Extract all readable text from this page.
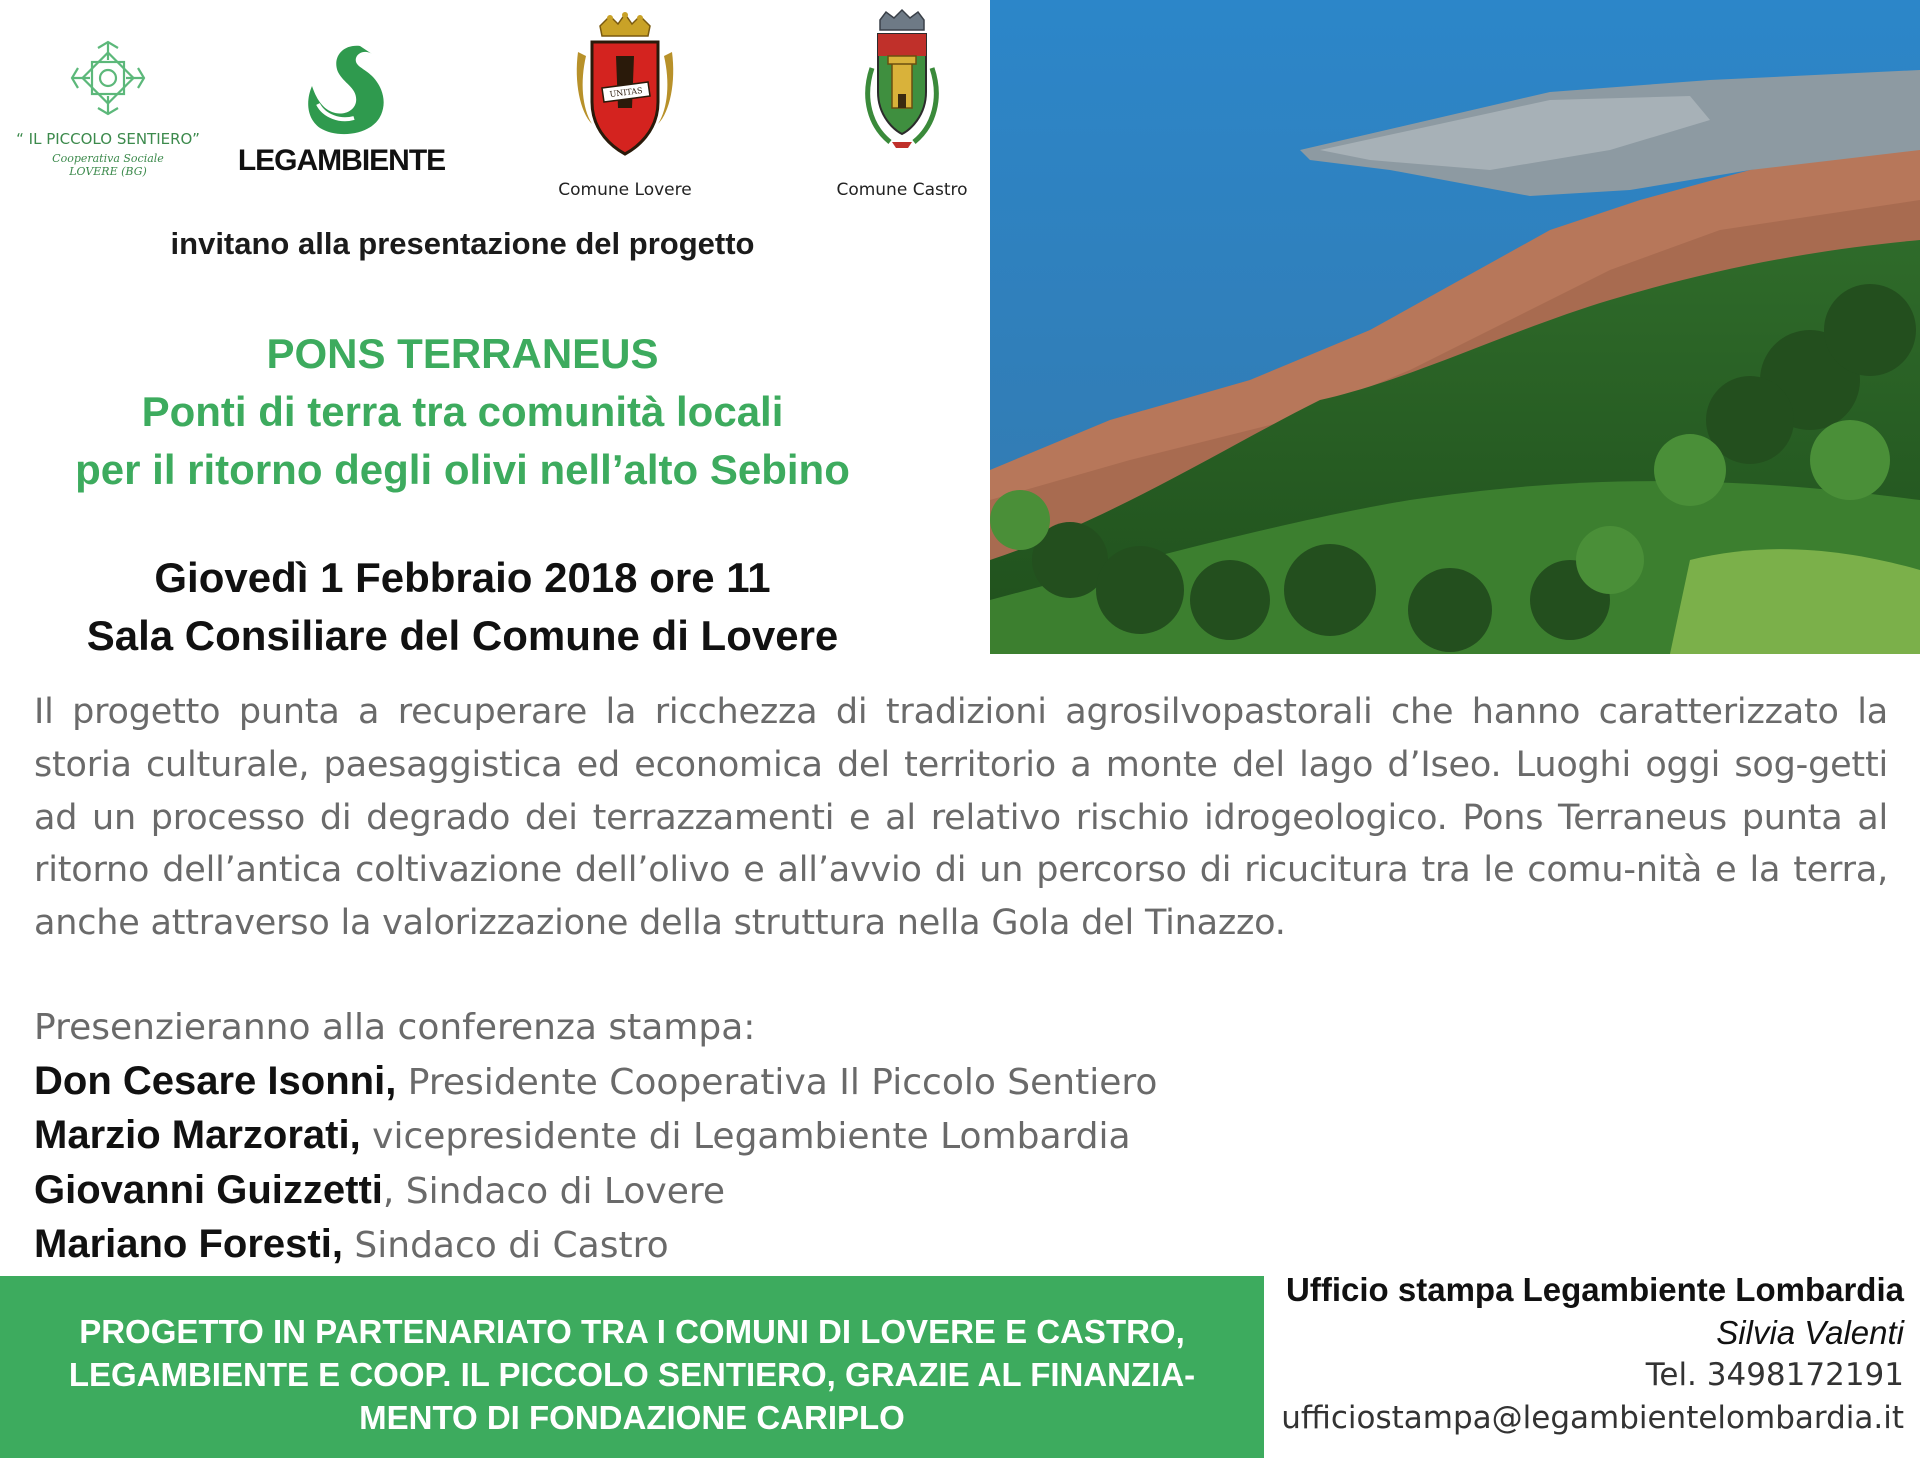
“ IL PICCOLO SENTIERO”
Cooperativa Sociale
LOVERE (BG)	LEGAMBIENTE
UNITAS
Comune Lovere	Comune Castro
invitano alla presentazione del progetto
PONS TERRANEUS
Ponti di terra tra comunità locali
per il ritorno degli olivi nell’alto Sebino
Giovedì 1 Febbraio 2018 ore 11
Sala Consiliare del Comune di Lovere
Il progetto punta a recuperare la ricchezza di tradizioni agrosilvopastorali che hanno caratterizzato la storia culturale, paesaggistica ed economica del territorio a monte del lago d’Iseo. Luoghi oggi sog-getti ad un processo di degrado dei terrazzamenti e al relativo rischio idrogeologico. Pons Terraneus punta al ritorno dell’antica coltivazione dell’olivo e all’avvio di un percorso di ricucitura tra le comu-nità e la terra, anche attraverso la valorizzazione della struttura nella Gola del Tinazzo.
Presenzieranno alla conferenza stampa:
Don Cesare Isonni, Presidente Cooperativa Il Piccolo Sentiero
Marzio Marzorati, vicepresidente di Legambiente Lombardia
Giovanni Guizzetti, Sindaco di Lovere
Mariano Foresti, Sindaco di Castro
PROGETTO IN PARTENARIATO TRA I COMUNI DI LOVERE E CASTRO,
LEGAMBIENTE E COOP. IL PICCOLO SENTIERO, GRAZIE AL FINANZIA-
MENTO DI FONDAZIONE CARIPLO
Ufficio stampa Legambiente Lombardia
Silvia Valenti
Tel. 3498172191
ufficiostampa@legambientelombardia.it
